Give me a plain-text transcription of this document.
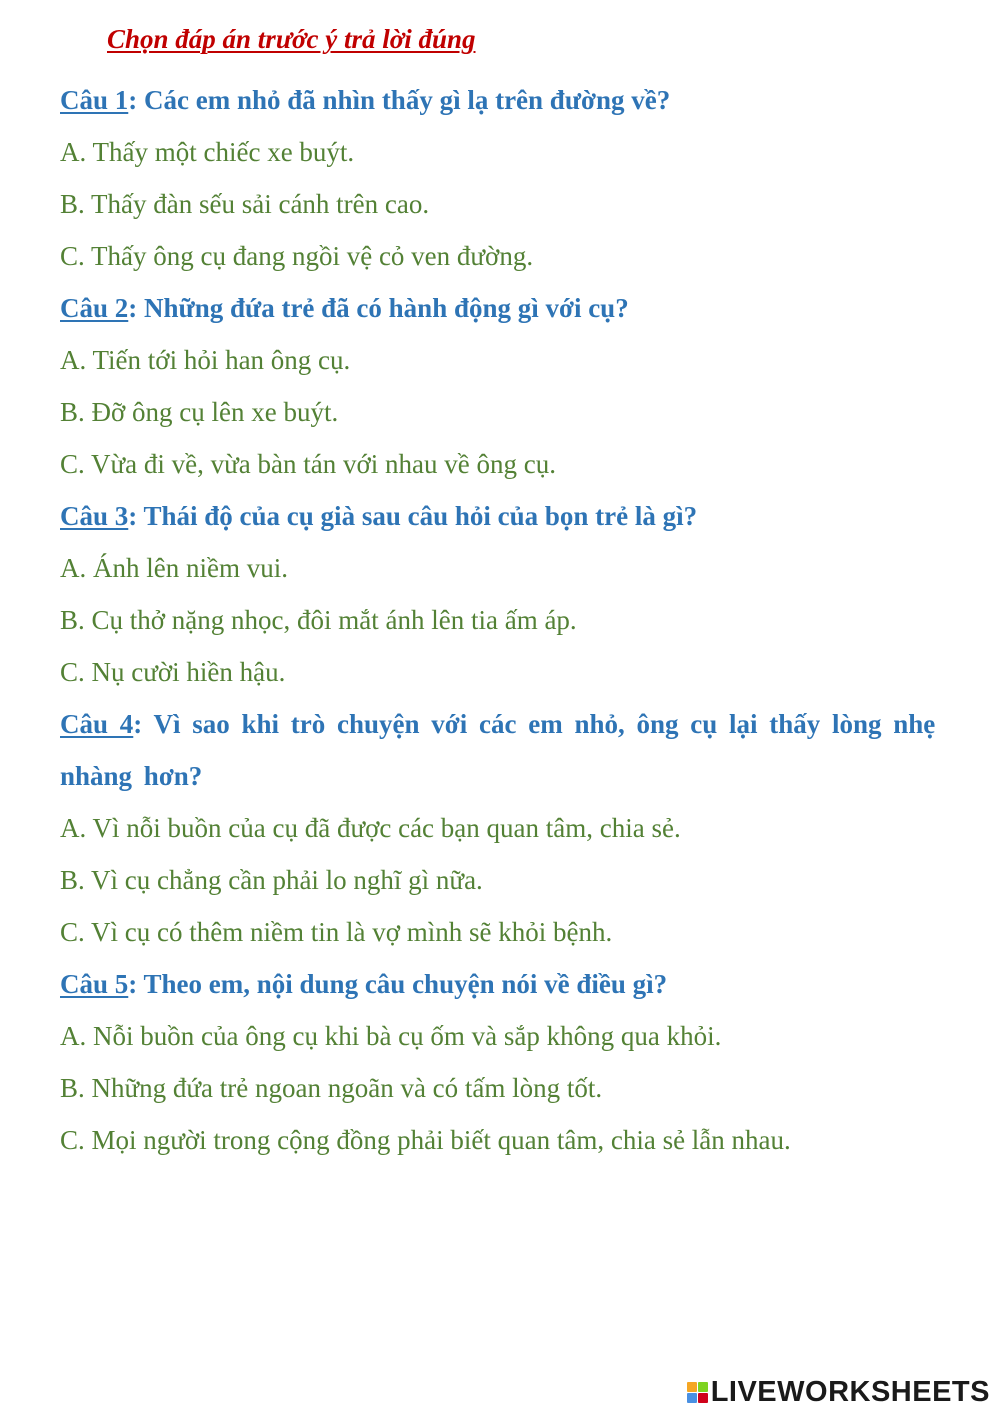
Chọn đáp án trước ý trả lời đúng
Câu 1: Các em nhỏ đã nhìn thấy gì lạ trên đường về?
A. Thấy một chiếc xe buýt.
B. Thấy đàn sếu sải cánh trên cao.
C. Thấy ông cụ đang ngồi vệ cỏ ven đường.
Câu 2: Những đứa trẻ đã có hành động gì với cụ?
A. Tiến tới hỏi han ông cụ.
B. Đỡ ông cụ lên xe buýt.
C. Vừa đi về, vừa bàn tán với nhau về ông cụ.
Câu 3: Thái độ của cụ già sau câu hỏi của bọn trẻ là gì?
A. Ánh lên niềm vui.
B. Cụ thở nặng nhọc, đôi mắt ánh lên tia ấm áp.
C. Nụ cười hiền hậu.
Câu 4: Vì sao khi trò chuyện với các em nhỏ, ông cụ lại thấy lòng nhẹ nhàng hơn?
A. Vì nỗi buồn của cụ đã được các bạn quan tâm, chia sẻ.
B. Vì cụ chẳng cần phải lo nghĩ gì nữa.
C. Vì cụ có thêm niềm tin là vợ mình sẽ khỏi bệnh.
Câu 5: Theo em, nội dung câu chuyện nói về điều gì?
A. Nỗi buồn của ông cụ khi bà cụ ốm và sắp không qua khỏi.
B. Những đứa trẻ ngoan ngoãn và có tấm lòng tốt.
C. Mọi người trong cộng đồng phải biết quan tâm, chia sẻ lẫn nhau.
LIVEWORKSHEETS
